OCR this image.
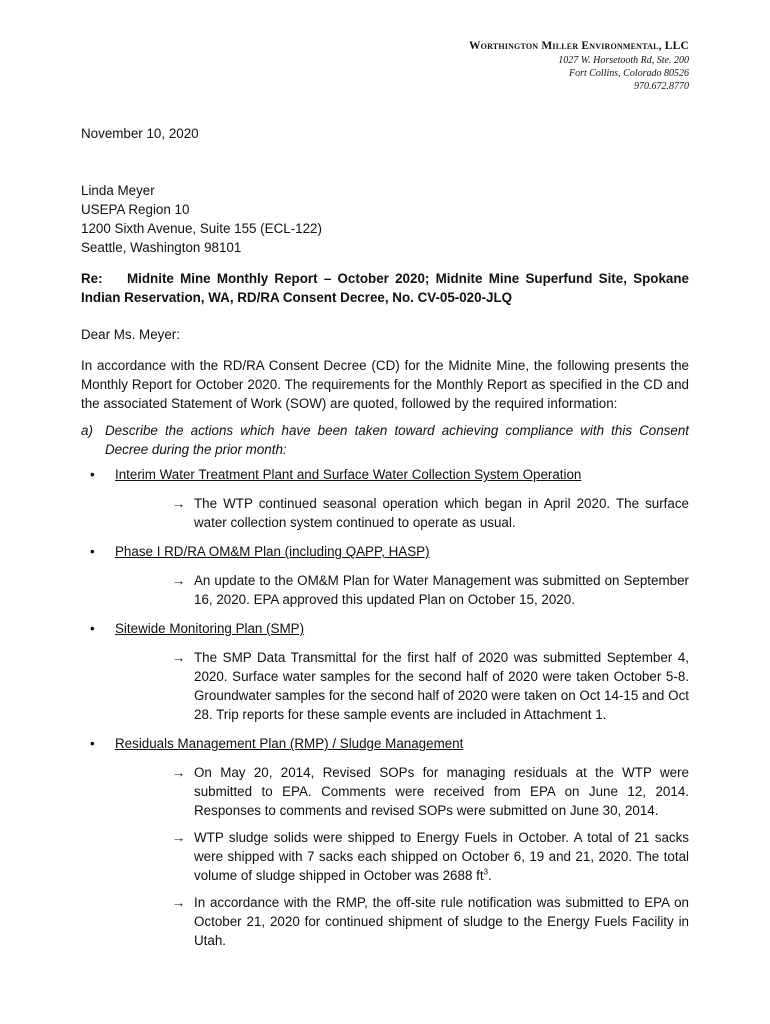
Worthington Miller Environmental, LLC
1027 W. Horsetooth Rd, Ste. 200
Fort Collins, Colorado 80526
970.672.8770
November 10, 2020
Linda Meyer
USEPA Region 10
1200 Sixth Avenue, Suite 155 (ECL-122)
Seattle, Washington 98101
Re: Midnite Mine Monthly Report – October 2020; Midnite Mine Superfund Site, Spokane Indian Reservation, WA, RD/RA Consent Decree, No. CV-05-020-JLQ
Dear Ms. Meyer:
In accordance with the RD/RA Consent Decree (CD) for the Midnite Mine, the following presents the Monthly Report for October 2020. The requirements for the Monthly Report as specified in the CD and the associated Statement of Work (SOW) are quoted, followed by the required information:
a) Describe the actions which have been taken toward achieving compliance with this Consent Decree during the prior month:
• Interim Water Treatment Plant and Surface Water Collection System Operation
→ The WTP continued seasonal operation which began in April 2020. The surface water collection system continued to operate as usual.
• Phase I RD/RA OM&M Plan (including QAPP, HASP)
→ An update to the OM&M Plan for Water Management was submitted on September 16, 2020. EPA approved this updated Plan on October 15, 2020.
• Sitewide Monitoring Plan (SMP)
→ The SMP Data Transmittal for the first half of 2020 was submitted September 4, 2020. Surface water samples for the second half of 2020 were taken October 5-8. Groundwater samples for the second half of 2020 were taken on Oct 14-15 and Oct 28. Trip reports for these sample events are included in Attachment 1.
• Residuals Management Plan (RMP) / Sludge Management
→ On May 20, 2014, Revised SOPs for managing residuals at the WTP were submitted to EPA. Comments were received from EPA on June 12, 2014. Responses to comments and revised SOPs were submitted on June 30, 2014.
→ WTP sludge solids were shipped to Energy Fuels in October. A total of 21 sacks were shipped with 7 sacks each shipped on October 6, 19 and 21, 2020. The total volume of sludge shipped in October was 2688 $ft^3$.
→ In accordance with the RMP, the off-site rule notification was submitted to EPA on October 21, 2020 for continued shipment of sludge to the Energy Fuels Facility in Utah.
